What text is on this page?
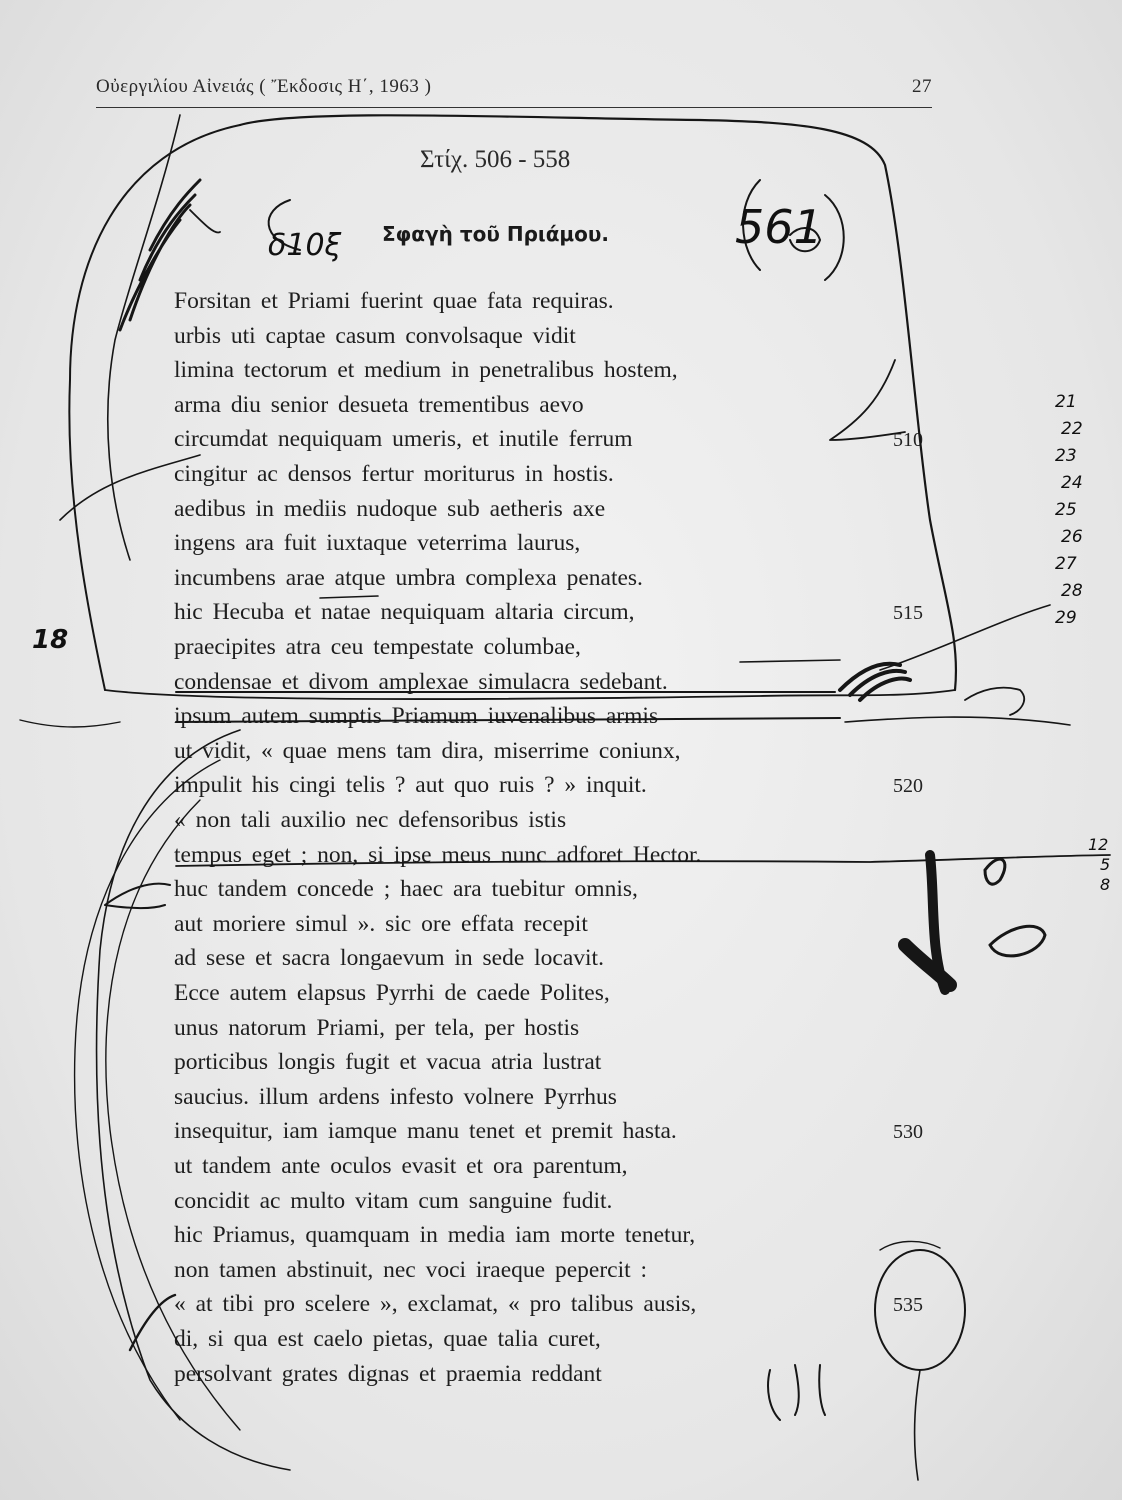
Οὐεργιλίου Αἰνειάς ( Ἔκδοσις Η΄, 1963 )	27
Στίχ. 506 - 558
Σφαγὴ τοῦ Πριάμου.
Forsitan et Priami fuerint quae fata requiras.
urbis uti captae casum convolsaque vidit
limina tectorum et medium in penetralibus hostem,
arma diu senior desueta trementibus aevo
circumdat nequiquam umeris, et inutile ferrum
cingitur ac densos fertur moriturus in hostis.
aedibus in mediis nudoque sub aetheris axe
ingens ara fuit iuxtaque veterrima laurus,
incumbens arae atque umbra complexa penates.
hic Hecuba et natae nequiquam altaria circum,
praecipites atra ceu tempestate columbae,
condensae et divom amplexae simulacra sedebant.
ipsum autem sumptis Priamum iuvenalibus armis
ut vidit, « quae mens tam dira, miserrime coniunx,
impulit his cingi telis ? aut quo ruis ? » inquit.
« non tali auxilio nec defensoribus istis
tempus eget ; non, si ipse meus nunc adforet Hector.
huc tandem concede ; haec ara tuebitur omnis,
aut moriere simul ». sic ore effata recepit
ad sese et sacra longaevum in sede locavit.
Ecce autem elapsus Pyrrhi de caede Polites,
unus natorum Priami, per tela, per hostis
porticibus longis fugit et vacua atria lustrat
saucius. illum ardens infesto volnere Pyrrhus
insequitur, iam iamque manu tenet et premit hasta.
ut tandem ante oculos evasit et ora parentum,
concidit ac multo vitam cum sanguine fudit.
hic Priamus, quamquam in media iam morte tenetur,
non tamen abstinuit, nec voci iraeque pepercit :
« at tibi pro scelere », exclamat, « pro talibus ausis,
di, si qua est caelo pietas, quae talia curet,
persolvant grates dignas et praemia reddant
510
515
520
530
535
δ10ξ	561
18
21
22
23
24
25
26
27
28
29
12
5
8
